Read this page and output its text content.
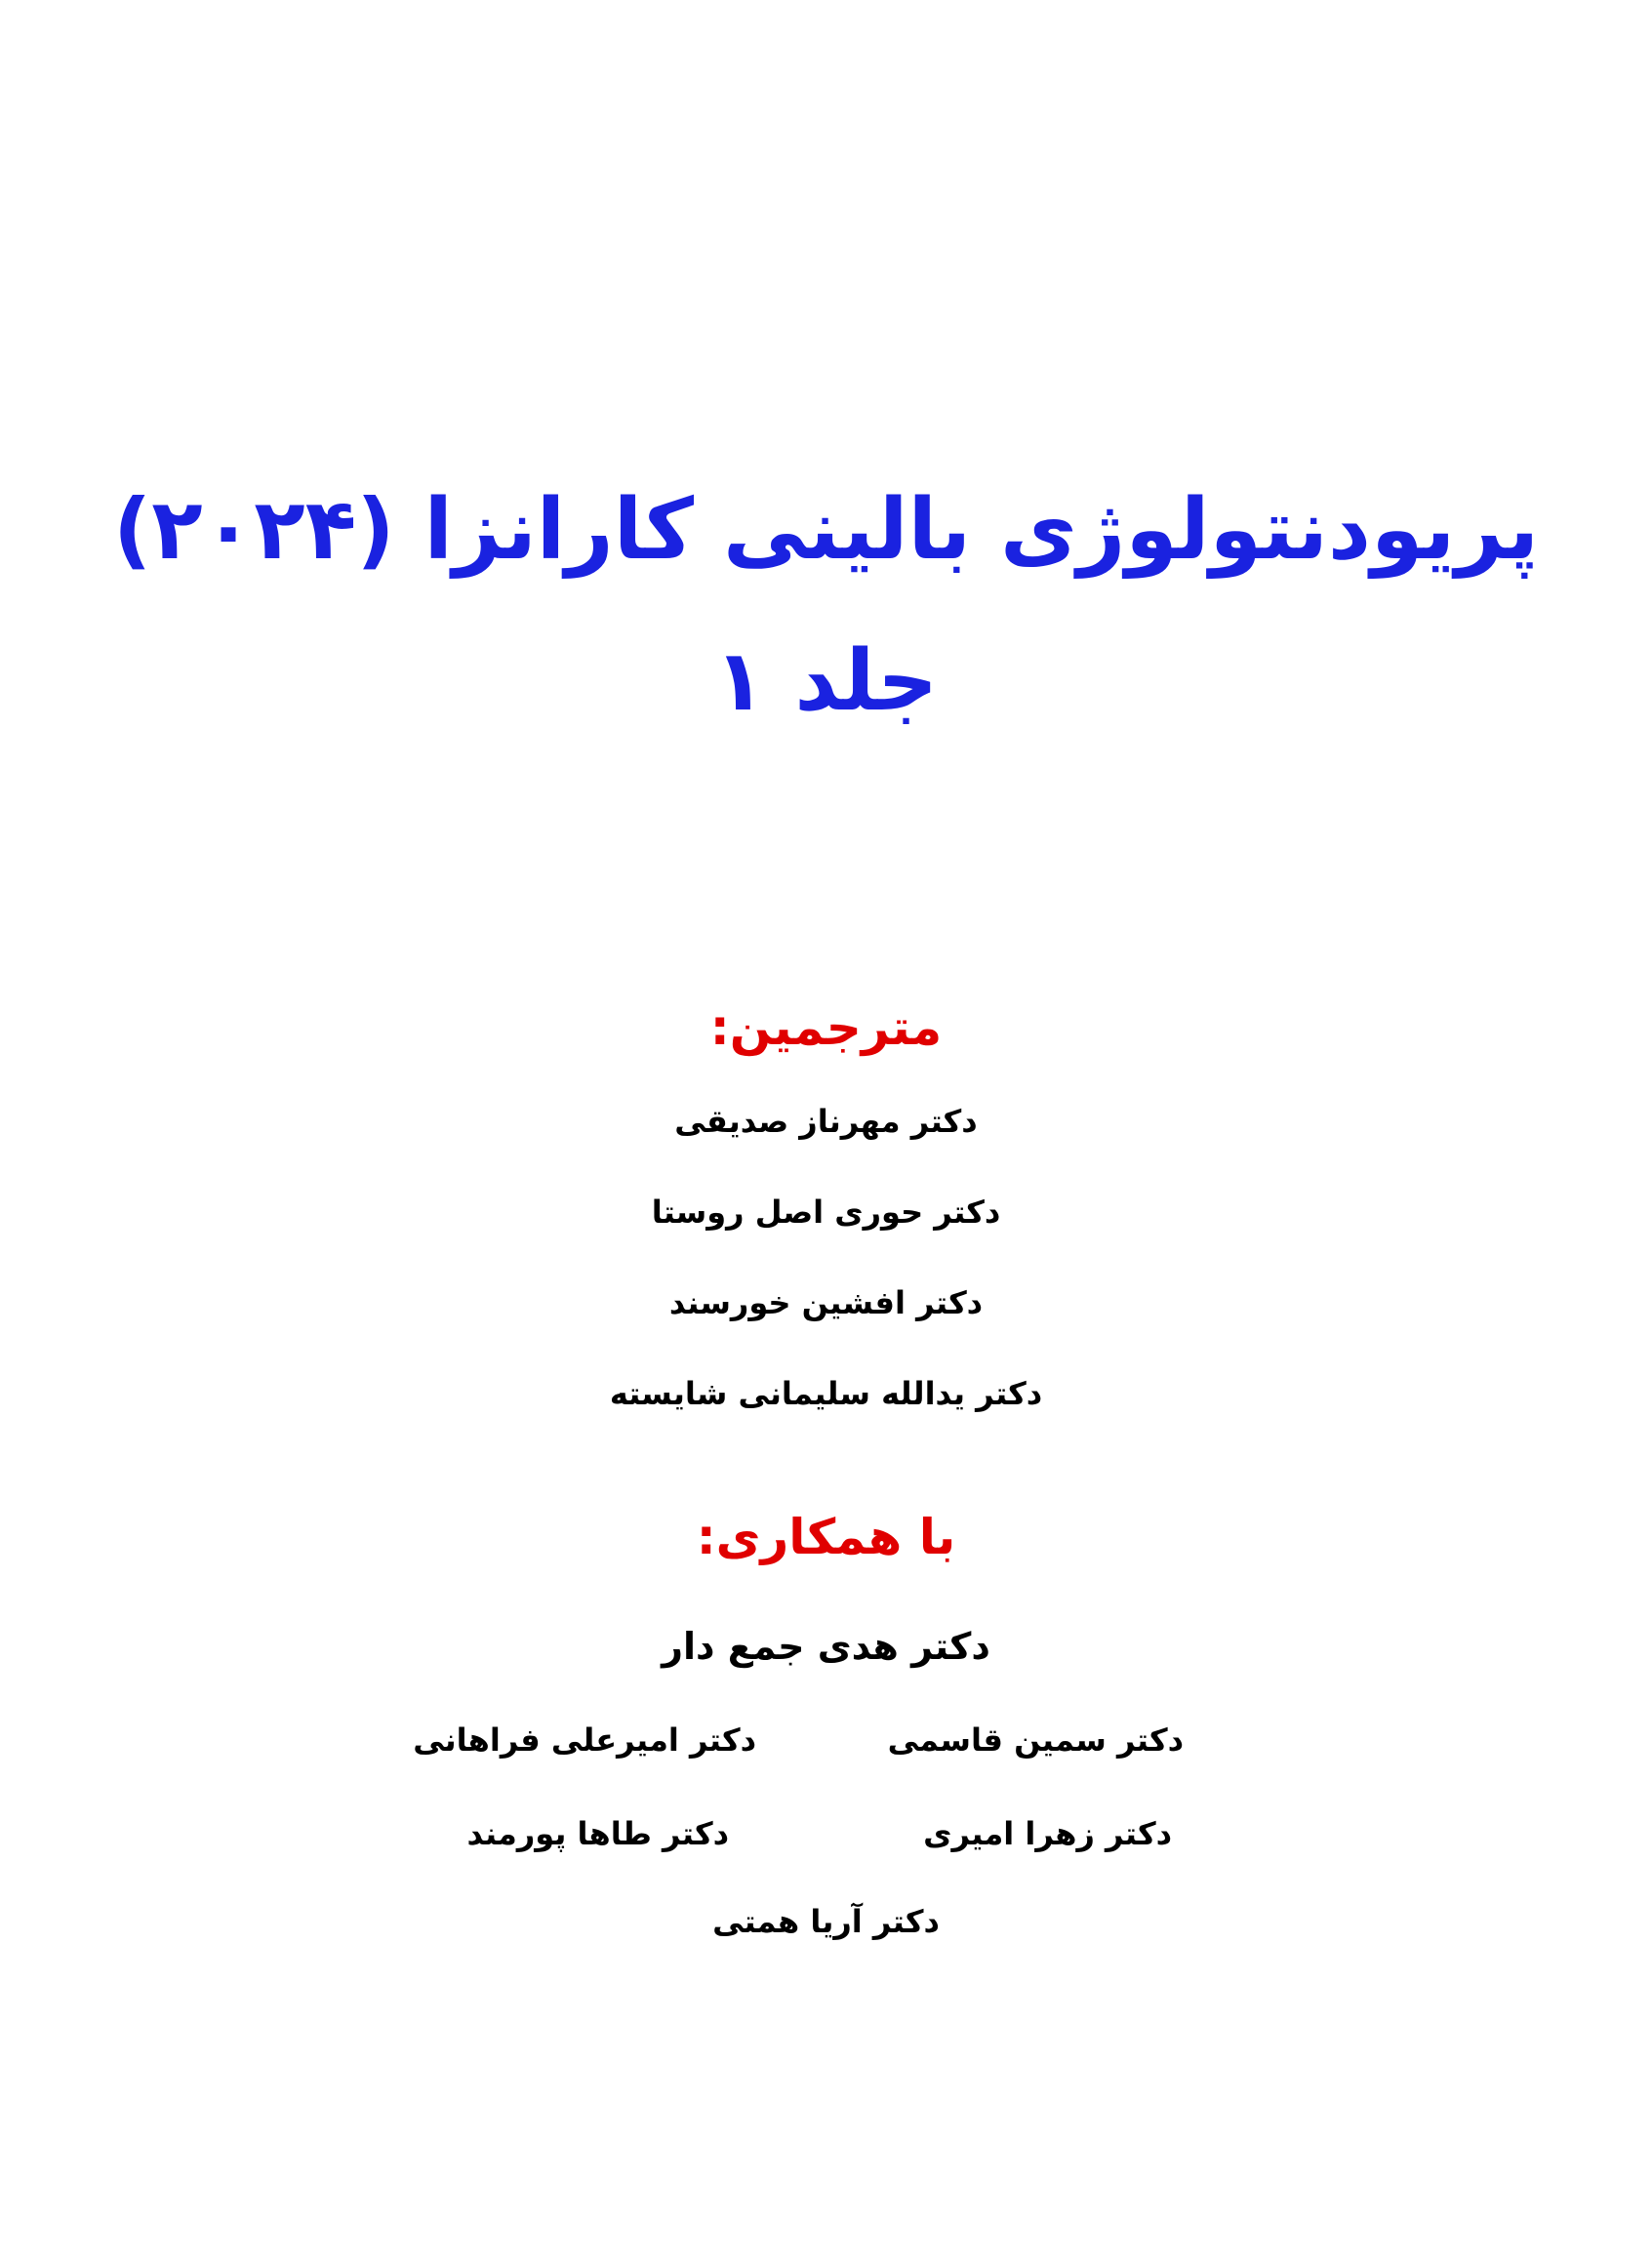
پریودنتولوژی بالینی کارانزا (۲۰۲۴)
جلد ۱
مترجمین:

دکتر مهرناز صدیقی

دکتر حوری اصل روستا

دکتر افشین خورسند

دکتر یدالله سلیمانی شایسته

با همکاری:

دکتر هدی جمع دار

دکتر سمین قاسمی

دکتر امیرعلی فراهانی

دکتر زهرا امیری

دکتر طاها پورمند

دکتر آریا همتی
